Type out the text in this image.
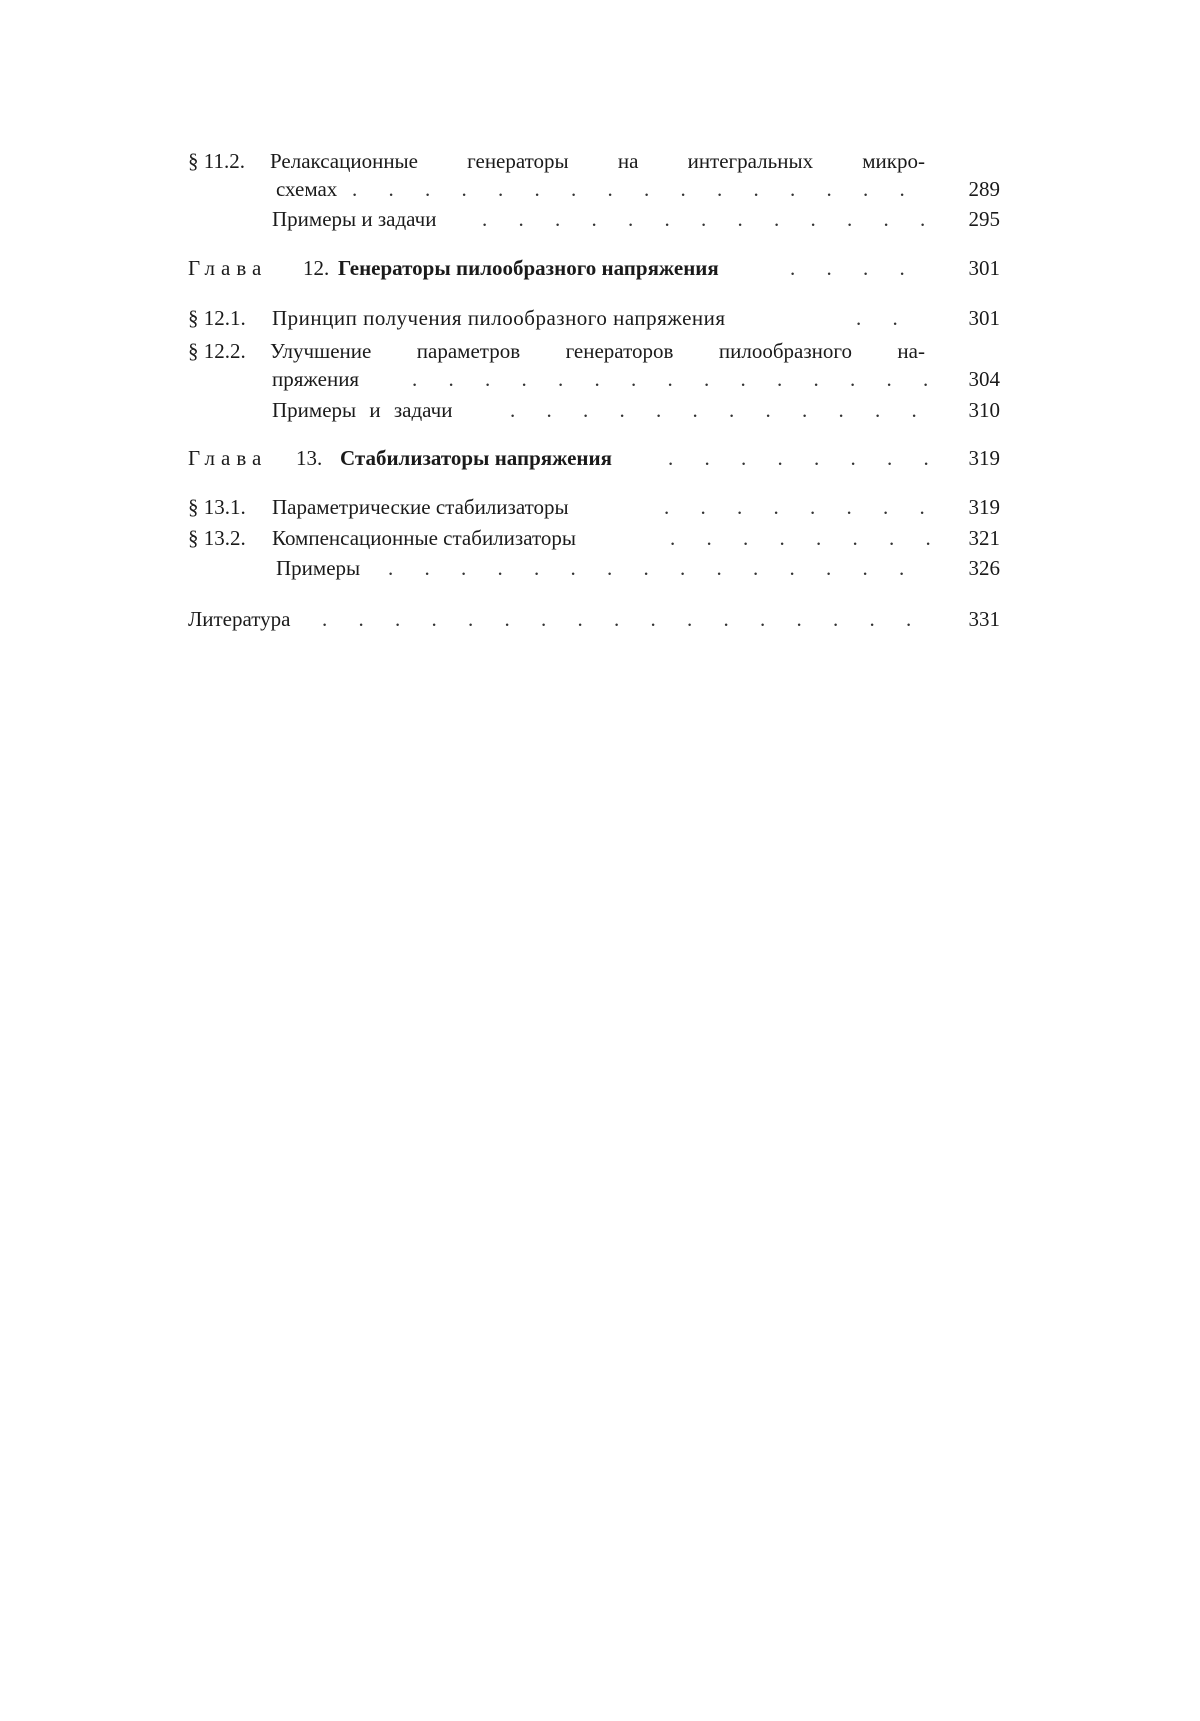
§ 11.2. Релаксационные генераторы на интегральных микро-
схемах . . .	289
Примеры и задачи . . .	295
Глава 12. Генераторы пилообразного напряжения . . .	301
§ 12.1. Принцип получения пилообразного напряжения . . .	301
§ 12.2. Улучшение параметров генераторов пилообразного на-
пряжения . . .	304
Примеры и задачи . . .	310
Глава 13. Стабилизаторы напряжения . . .	319
§ 13.1. Параметрические стабилизаторы . . .	319
§ 13.2. Компенсационные стабилизаторы . . .	321
Примеры . . .	326
Литература . . .	331
